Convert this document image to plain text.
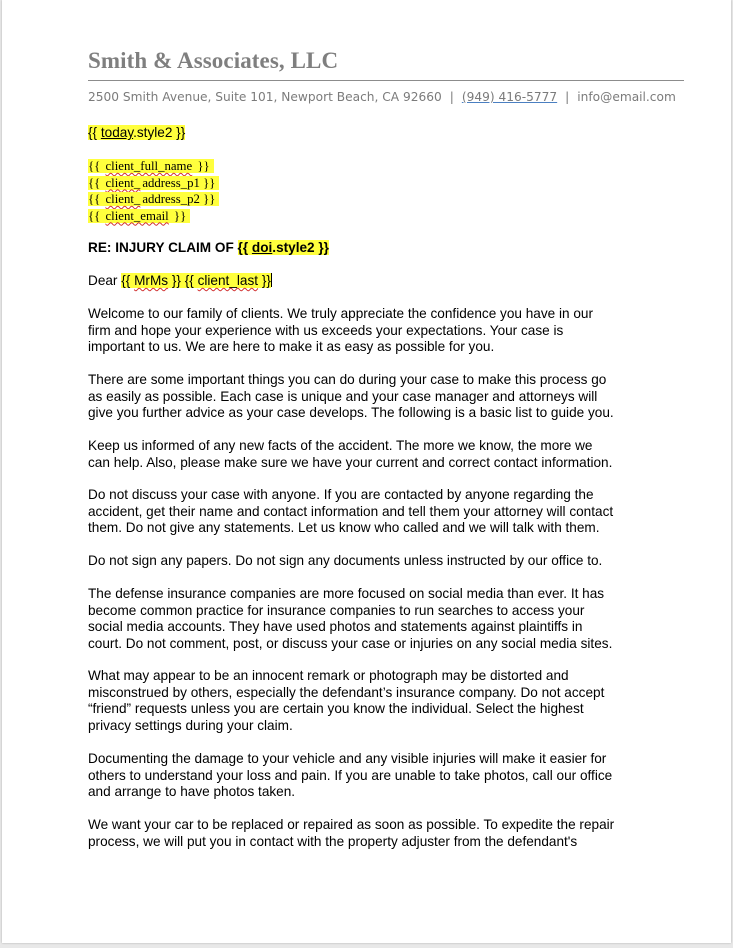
Smith & Associates, LLC
2500 Smith Avenue, Suite 101, Newport Beach, CA 92660 | (949) 416-5777 | info@email.com
{{ today.style2 }}
{{ client_full_name }}
{{ client_ address_p1 }}
{{ client_ address_p2 }}
{{ client_email }}
RE: INJURY CLAIM OF {{ doi.style2 }}
Dear {{ MrMs }} {{ client_last }}
Welcome to our family of clients. We truly appreciate the confidence you have in our
firm and hope your experience with us exceeds your expectations. Your case is
important to us. We are here to make it as easy as possible for you.
There are some important things you can do during your case to make this process go
as easily as possible. Each case is unique and your case manager and attorneys will
give you further advice as your case develops. The following is a basic list to guide you.
Keep us informed of any new facts of the accident. The more we know, the more we
can help. Also, please make sure we have your current and correct contact information.
Do not discuss your case with anyone. If you are contacted by anyone regarding the
accident, get their name and contact information and tell them your attorney will contact
them. Do not give any statements. Let us know who called and we will talk with them.
Do not sign any papers. Do not sign any documents unless instructed by our office to.
The defense insurance companies are more focused on social media than ever. It has
become common practice for insurance companies to run searches to access your
social media accounts. They have used photos and statements against plaintiffs in
court. Do not comment, post, or discuss your case or injuries on any social media sites.
What may appear to be an innocent remark or photograph may be distorted and
misconstrued by others, especially the defendant’s insurance company. Do not accept
“friend” requests unless you are certain you know the individual. Select the highest
privacy settings during your claim.
Documenting the damage to your vehicle and any visible injuries will make it easier for
others to understand your loss and pain. If you are unable to take photos, call our office
and arrange to have photos taken.
We want your car to be replaced or repaired as soon as possible. To expedite the repair
process, we will put you in contact with the property adjuster from the defendant's
